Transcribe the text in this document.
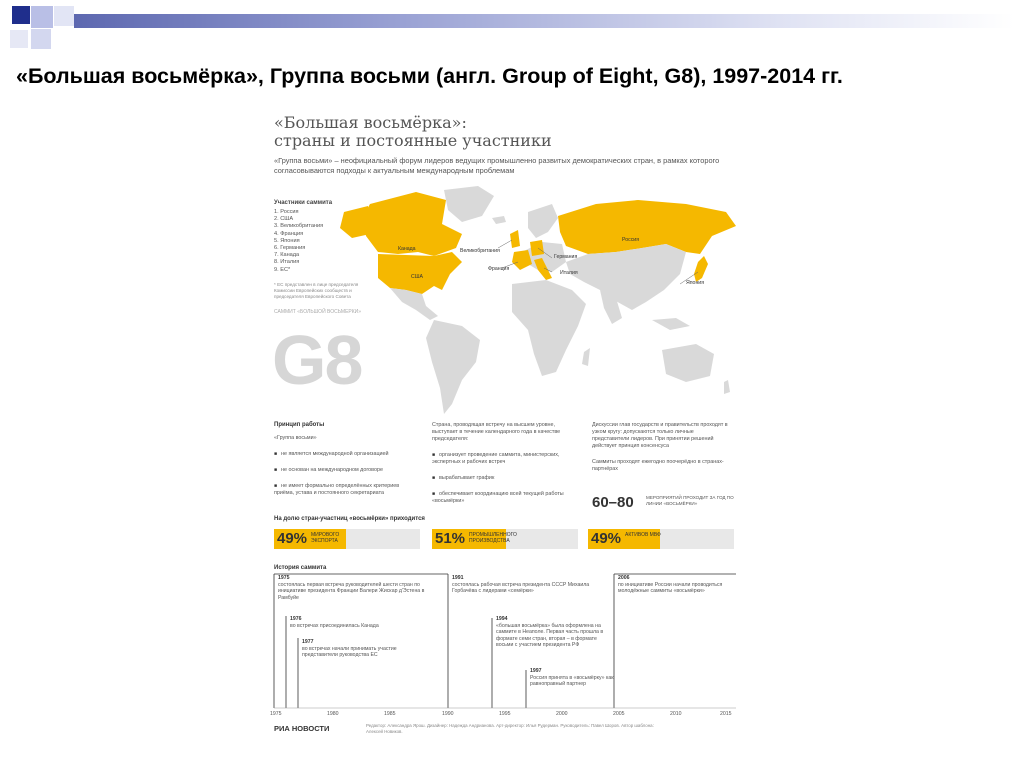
«Большая восьмёрка», Группа восьми (англ. Group of Eight, G8), 1997-2014 гг.
«Большая восьмёрка»:
страны и постоянные участники
«Группа восьми» – неофициальный форум лидеров ведущих промышленно развитых демократических стран, в рамках которого согласовываются подходы к актуальным международным проблемам
Канада
США
Великобритания
Франция
Германия
Италия
Россия
Япония
Участники саммита
1. Россия
2. США
3. Великобритания
4. Франция
5. Япония
6. Германия
7. Канада
8. Италия
9. ЕС*
* ЕС представлен в лице председателя Комиссии Европейских сообществ и председателя Европейского Совета
САММИТ «БОЛЬШОЙ ВОСЬМЕРКИ»
G8
Принцип работы

«Группа восьми»

■ не является международной организацией

■ не основан на международном договоре

■ не имеет формально определённых критериев приёма, устава и постоянного секретариата

Страна, проводящая встречу на высшем уровне, выступает в течение календарного года в качестве председателя:

■ организует проведение саммита, министерских, экспертных и рабочих встреч

■ вырабатывает график

■ обеспечивает координацию всей текущей работы «восьмёрки»

Дискуссии глав государств и правительств проходят в узком кругу: допускаются только личные представители лидеров. При принятии решений действует принцип консенсуса

Саммиты проходят ежегодно поочерёдно в странах-партнёрах

60–80	МЕРОПРИЯТИЙ ПРОХОДИТ ЗА ГОД ПО ЛИНИИ «ВОСЬМЁРКИ»
На долю стран-участниц «восьмёрки» приходится
49% МИРОВОГО ЭКСПОРТА	51% ПРОМЫШЛЕННОГО ПРОИЗВОДСТВА	49% АКТИВОВ МВФ
История саммита
1975
состоялась первая встреча руководителей шести стран по инициативе президента Франции Валери Жискар д'Эстена в Рамбуйе
1976
во встречах присоединилась Канада
1977
во встречах начали принимать участие представители руководства ЕС
1991
состоялась рабочая встреча президента СССР Михаила Горбачёва с лидерами «семёрки»
1994
«большая восьмёрка» была оформлена на саммите в Неаполе. Первая часть прошла в формате семи стран, вторая – в формате восьми с участием президента РФ
1997
Россия принята в «восьмёрку» как равноправный партнер
2006
по инициативе России начали проводиться молодёжные саммиты «восьмёрки»
1975	1980	1985	1990	1995	2000	2005	2010	2015
РИА НОВОСТИ	Редактор: Александра Ярош. Дизайнер: Надежда Андрианова. Арт-директор: Илья Рудерман. Руководитель: Павел Шоров. Автор шаблона: Алексей Новиков.
